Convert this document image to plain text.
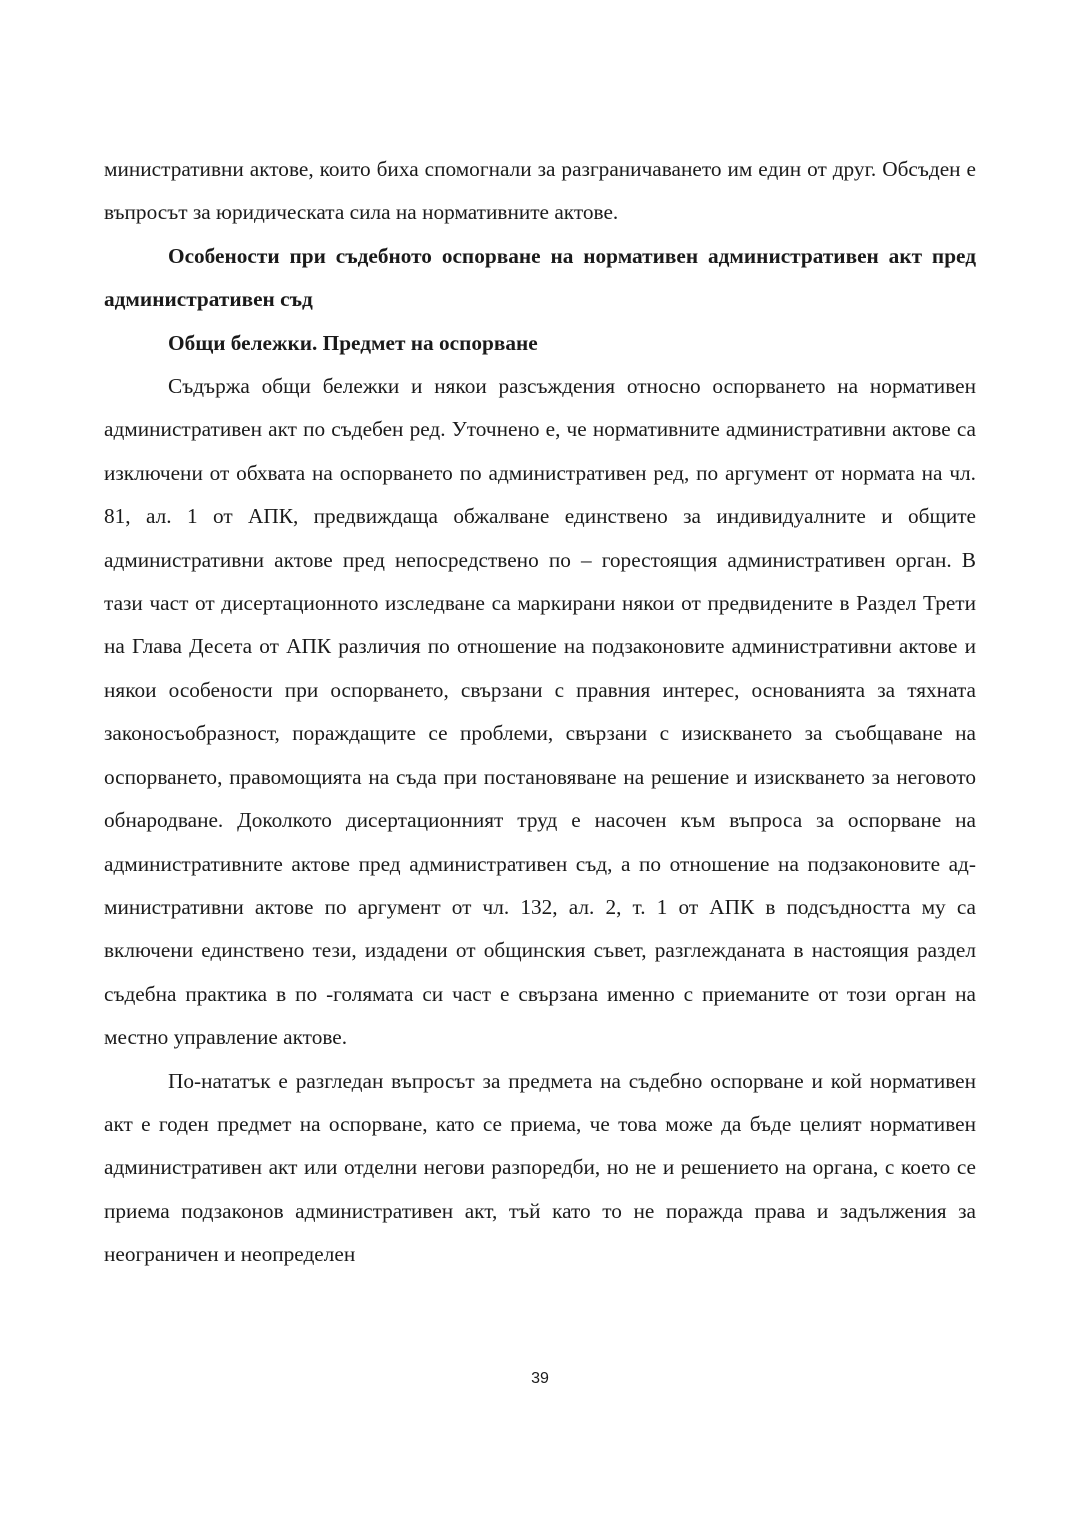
министративни актове, които биха спомогнали за разграничаването им един от друг. Обсъден е въпросът за юридическата сила на нормативните актове.

Особености при съдебното оспорване на нормативен административен акт пред административен съд

Общи бележки. Предмет на оспорване

Съдържа общи бележки и някои разсъждения относно оспорването на нормативен административен акт по съдебен ред. Уточнено е, че нормативните административни актове са изключени от обхвата на оспорването по административен ред, по аргумент от нормата на чл. 81, ал. 1 от АПК, предвиждаща обжалване единствено за индивидуалните и общите административни актове пред непосредствено по – горестоящия административен орган. В тази част от дисертационното изследване са маркирани някои от предвидените в Раздел Трети на Глава Десета от АПК различия по отношение на подзаконовите административни актове и някои особености при оспорването, свързани с правния интерес, основанията за тяхната законосъобразност, пораждащите се проблеми, свързани с изискването за съобщаване на оспорването, правомощията на съда при постановяване на решение и изискването за неговото обнародване. Доколкото дисертационният труд е насочен към въпроса за оспорване на административните актове пред административен съд, а по отношение на подзаконовите административни актове по аргумент от чл. 132, ал. 2, т. 1 от АПК в подсъдността му са включени единствено тези, издадени от общинския съвет, разглежданата в настоящия раздел съдебна практика в по -голямата си част е свързана именно с приеманите от този орган на местно управление актове.

По-нататък е разгледан въпросът за предмета на съдебно оспорване и кой нормативен акт е годен предмет на оспорване, като се приема, че това може да бъде целият нормативен административен акт или отделни негови разпоредби, но не и решението на органа, с което се приема подзаконов административен акт, тъй като то не поражда права и задължения за неограничен и неопределен

39
